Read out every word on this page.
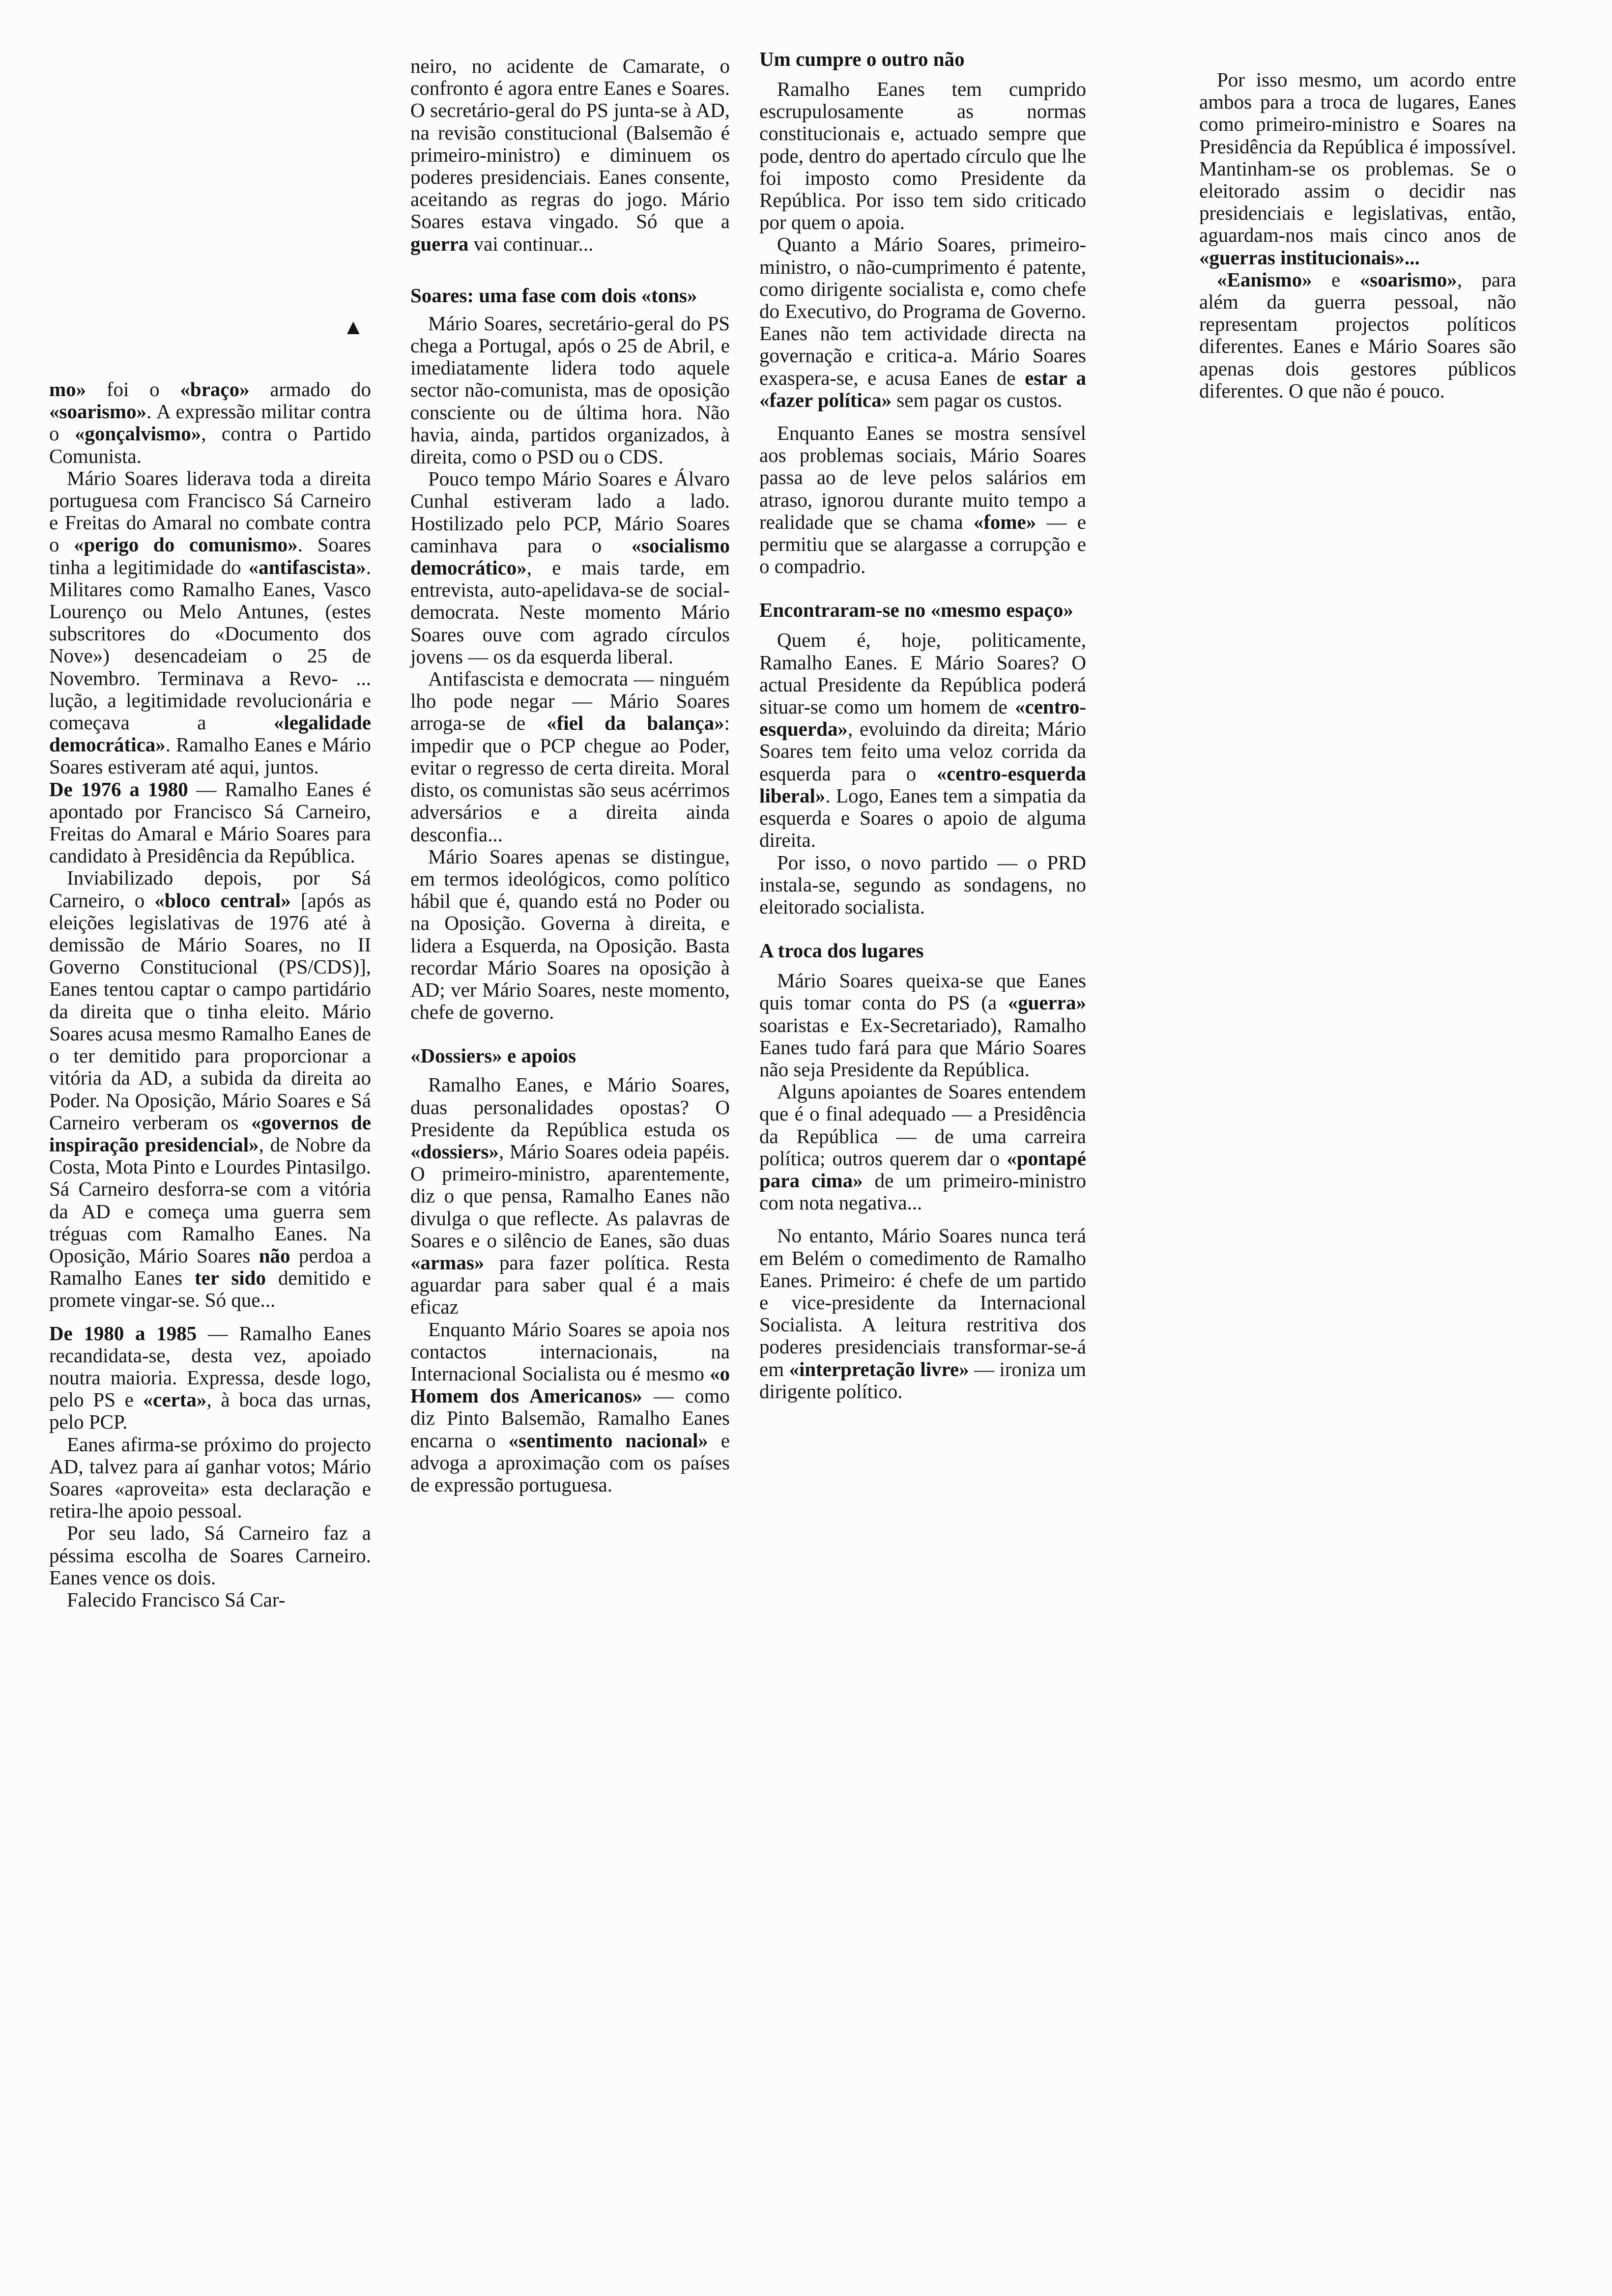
▲

mo» foi o «braço» armado do «soarismo». A expressão militar contra o «gonçalvismo», contra o Partido Comunista.

Mário Soares liderava toda a direita portuguesa com Francisco Sá Carneiro e Freitas do Amaral no combate contra o «perigo do comunismo». Soares tinha a legitimidade do «antifascista». Militares como Ramalho Eanes, Vasco Lourenço ou Melo Antunes, (estes subscritores do «Documento dos Nove») desencadeiam o 25 de Novembro. Terminava a Revo- ... lução, a legitimidade revolucionária e começava a «legalidade democrática». Ramalho Eanes e Mário Soares estiveram até aqui, juntos.

De 1976 a 1980 — Ramalho Eanes é apontado por Francisco Sá Carneiro, Freitas do Amaral e Mário Soares para candidato à Presidência da República.

Inviabilizado depois, por Sá Carneiro, o «bloco central» [após as eleições legislativas de 1976 até à demissão de Mário Soares, no II Governo Constitucional (PS/CDS)], Eanes tentou captar o campo partidário da direita que o tinha eleito. Mário Soares acusa mesmo Ramalho Eanes de o ter demitido para proporcionar a vitória da AD, a subida da direita ao Poder. Na Oposição, Mário Soares e Sá Carneiro verberam os «governos de inspiração presidencial», de Nobre da Costa, Mota Pinto e Lourdes Pintasilgo. Sá Carneiro desforra-se com a vitória da AD e começa uma guerra sem tréguas com Ramalho Eanes. Na Oposição, Mário Soares não perdoa a Ramalho Eanes ter sido demitido e promete vingar-se. Só que...

De 1980 a 1985 — Ramalho Eanes recandidata-se, desta vez, apoiado noutra maioria. Expressa, desde logo, pelo PS e «certa», à boca das urnas, pelo PCP.

Eanes afirma-se próximo do projecto AD, talvez para aí ganhar votos; Mário Soares «aproveita» esta declaração e retira-lhe apoio pessoal.

Por seu lado, Sá Carneiro faz a péssima escolha de Soares Carneiro. Eanes vence os dois.

Falecido Francisco Sá Car-

neiro, no acidente de Camarate, o confronto é agora entre Eanes e Soares. O secretário-geral do PS junta-se à AD, na revisão constitucional (Balsemão é primeiro-ministro) e diminuem os poderes presidenciais. Eanes consente, aceitando as regras do jogo. Mário Soares estava vingado. Só que a guerra vai continuar...

Soares: uma fase com dois «tons»

Mário Soares, secretário-geral do PS chega a Portugal, após o 25 de Abril, e imediatamente lidera todo aquele sector não-comunista, mas de oposição consciente ou de última hora. Não havia, ainda, partidos organizados, à direita, como o PSD ou o CDS.

Pouco tempo Mário Soares e Álvaro Cunhal estiveram lado a lado. Hostilizado pelo PCP, Mário Soares caminhava para o «socialismo democrático», e mais tarde, em entrevista, auto-apelidava-se de social-democrata. Neste momento Mário Soares ouve com agrado círculos jovens — os da esquerda liberal.

Antifascista e democrata — ninguém lho pode negar — Mário Soares arroga-se de «fiel da balança»: impedir que o PCP chegue ao Poder, evitar o regresso de certa direita. Moral disto, os comunistas são seus acérrimos adversários e a direita ainda desconfia...

Mário Soares apenas se distingue, em termos ideológicos, como político hábil que é, quando está no Poder ou na Oposição. Governa à direita, e lidera a Esquerda, na Oposição. Basta recordar Mário Soares na oposição à AD; ver Mário Soares, neste momento, chefe de governo.

«Dossiers» e apoios

Ramalho Eanes, e Mário Soares, duas personalidades opostas? O Presidente da República estuda os «dossiers», Mário Soares odeia papéis. O primeiro-ministro, aparentemente, diz o que pensa, Ramalho Eanes não divulga o que reflecte. As palavras de Soares e o silêncio de Eanes, são duas «armas» para fazer política. Resta aguardar para saber qual é a mais eficaz

Enquanto Mário Soares se apoia nos contactos internacionais, na Internacional Socialista ou é mesmo «o Homem dos Americanos» — como diz Pinto Balsemão, Ramalho Eanes encarna o «sentimento nacional» e advoga a aproximação com os países de expressão portuguesa.

Um cumpre o outro não

Ramalho Eanes tem cumprido escrupulosamente as normas constitucionais e, actuado sempre que pode, dentro do apertado círculo que lhe foi imposto como Presidente da República. Por isso tem sido criticado por quem o apoia.

Quanto a Mário Soares, primeiro-ministro, o não-cumprimento é patente, como dirigente socialista e, como chefe do Executivo, do Programa de Governo. Eanes não tem actividade directa na governação e critica-a. Mário Soares exaspera-se, e acusa Eanes de estar a «fazer política» sem pagar os custos.

Enquanto Eanes se mostra sensível aos problemas sociais, Mário Soares passa ao de leve pelos salários em atraso, ignorou durante muito tempo a realidade que se chama «fome» — e permitiu que se alargasse a corrupção e o compadrio.

Encontraram-se no «mesmo espaço»

Quem é, hoje, politicamente, Ramalho Eanes. E Mário Soares? O actual Presidente da República poderá situar-se como um homem de «centro-esquerda», evoluindo da direita; Mário Soares tem feito uma veloz corrida da esquerda para o «centro-esquerda liberal». Logo, Eanes tem a simpatia da esquerda e Soares o apoio de alguma direita.

Por isso, o novo partido — o PRD instala-se, segundo as sondagens, no eleitorado socialista.

A troca dos lugares

Mário Soares queixa-se que Eanes quis tomar conta do PS (a «guerra» soaristas e Ex-Secretariado), Ramalho Eanes tudo fará para que Mário Soares não seja Presidente da República.

Alguns apoiantes de Soares entendem que é o final adequado — a Presidência da República — de uma carreira política; outros querem dar o «pontapé para cima» de um primeiro-ministro com nota negativa...

No entanto, Mário Soares nunca terá em Belém o comedimento de Ramalho Eanes. Primeiro: é chefe de um partido e vice-presidente da Internacional Socialista. A leitura restritiva dos poderes presidenciais transformar-se-á em «interpretação livre» — ironiza um dirigente político.

Por isso mesmo, um acordo entre ambos para a troca de lugares, Eanes como primeiro-ministro e Soares na Presidência da República é impossível. Mantinham-se os problemas. Se o eleitorado assim o decidir nas presidenciais e legislativas, então, aguardam-nos mais cinco anos de «guerras institucionais»...

«Eanismo» e «soarismo», para além da guerra pessoal, não representam projectos políticos diferentes. Eanes e Mário Soares são apenas dois gestores públicos diferentes. O que não é pouco.
